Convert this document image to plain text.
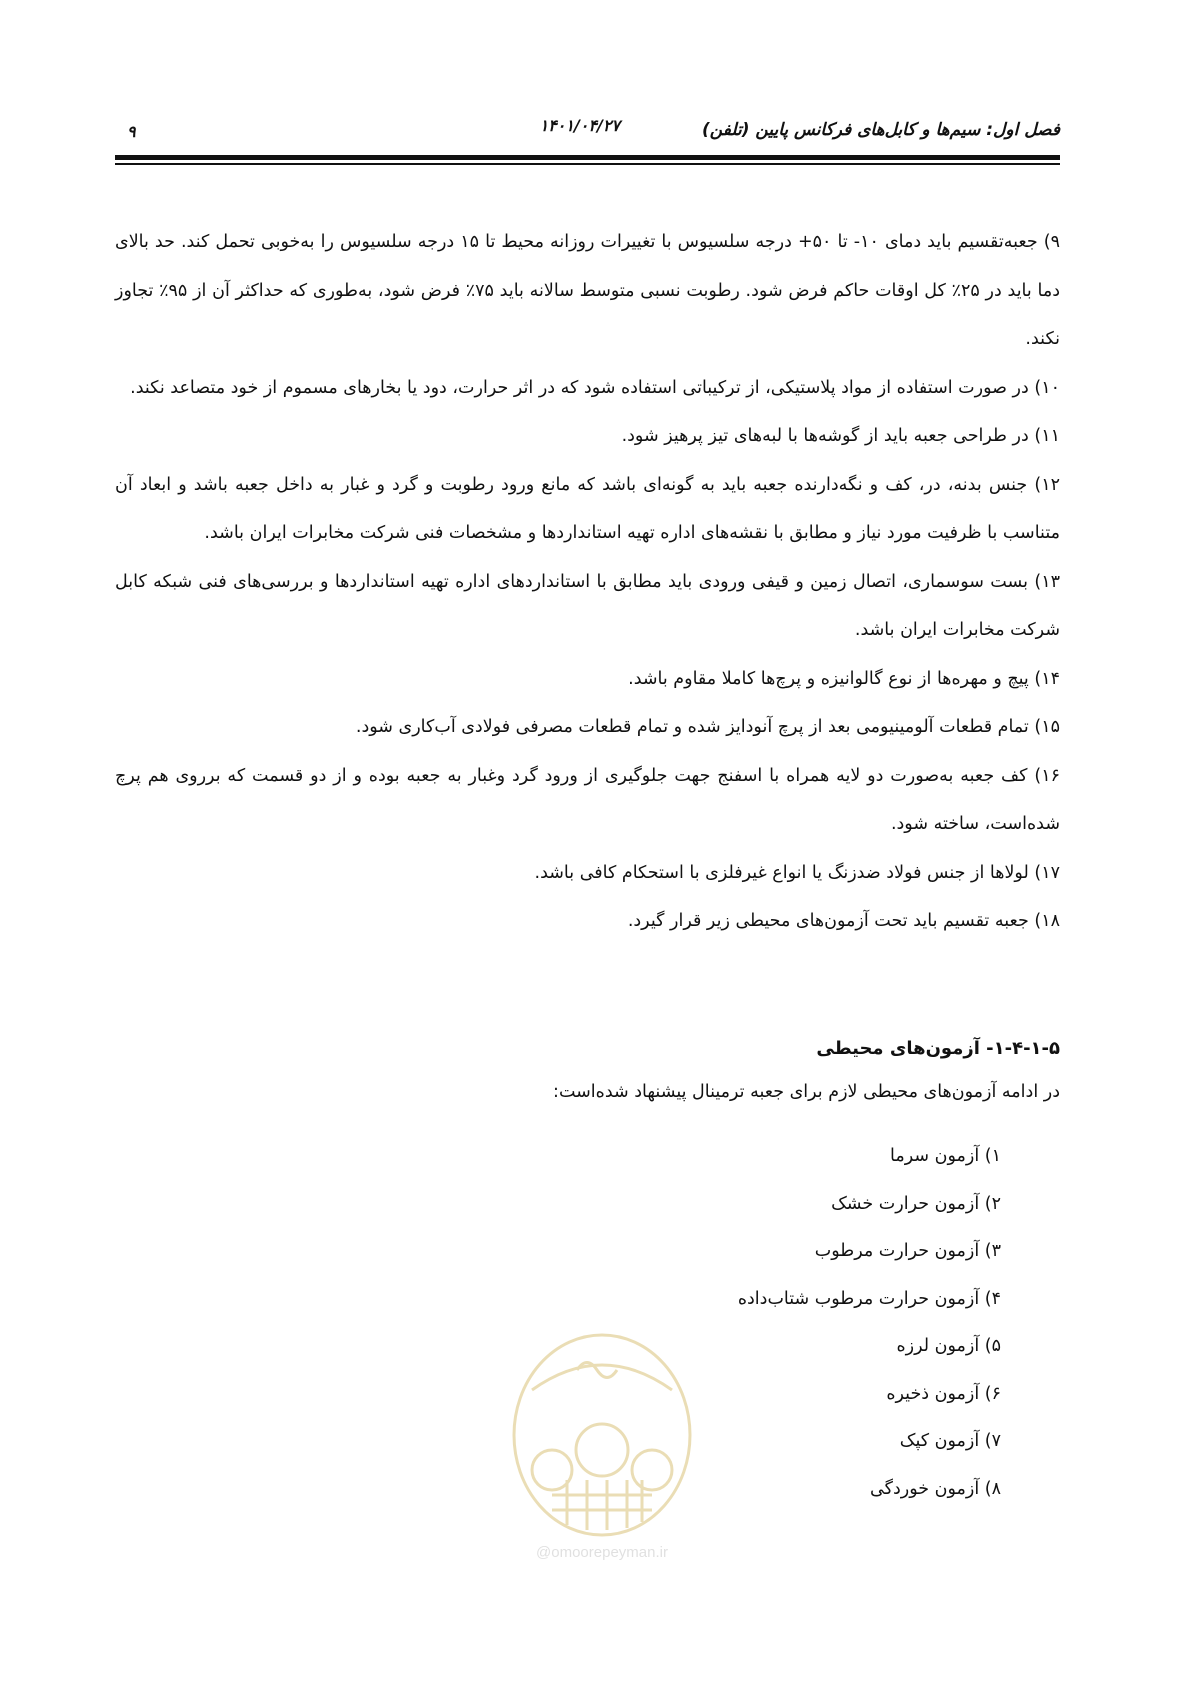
فصل اول: سیم‌ها و کابل‌های فرکانس پایین (تلفن)
۱۴۰۱/۰۴/۲۷
۹

۹) جعبه‌تقسیم باید دمای ۱۰- تا ۵۰+ درجه سلسیوس با تغییرات روزانه محیط تا ۱۵ درجه سلسیوس را به‌خوبی تحمل کند. حد بالای دما باید در ۲۵٪ کل اوقات حاکم فرض شود. رطوبت نسبی متوسط سالانه باید ۷۵٪ فرض شود، به‌طوری که حداکثر آن از ۹۵٪ تجاوز نکند.

۱۰) در صورت استفاده از مواد پلاستیکی، از ترکیباتی استفاده شود که در اثر حرارت، دود یا بخارهای مسموم از خود متصاعد نکند.

۱۱) در طراحی جعبه باید از گوشه‌ها با لبه‌های تیز پرهیز شود.

۱۲) جنس بدنه، در، کف و نگه‌دارنده جعبه باید به گونه‌ای باشد که مانع ورود رطوبت و گرد و غبار به داخل جعبه باشد و ابعاد آن متناسب با ظرفیت مورد نیاز و مطابق با نقشه‌های اداره تهیه استانداردها و مشخصات فنی شرکت مخابرات ایران باشد.

۱۳) بست سوسماری، اتصال زمین و قیفی ورودی باید مطابق با استانداردهای اداره تهیه استانداردها و بررسی‌های فنی شبکه کابل شرکت مخابرات ایران باشد.

۱۴) پیچ و مهره‌ها از نوع گالوانیزه و پرچ‌ها کاملا مقاوم باشد.

۱۵) تمام قطعات آلومینیومی بعد از پرچ آنودایز شده و تمام قطعات مصرفی فولادی آب‌کاری شود.

۱۶) کف جعبه به‌صورت دو لایه همراه با اسفنج جهت جلوگیری از ورود گرد وغبار به جعبه بوده و از دو قسمت که برروی هم پرچ شده‌است، ساخته شود.

۱۷) لولاها از جنس فولاد ضدزنگ یا انواع غیرفلزی با استحکام کافی باشد.

۱۸) جعبه تقسیم باید تحت آزمون‌های محیطی زیر قرار گیرد.

۱-۴-۱-۵- آزمون‌های محیطی
در ادامه آزمون‌های محیطی لازم برای جعبه ترمینال پیشنهاد شده‌است:
۱) آزمون سرما
۲) آزمون حرارت خشک
۳) آزمون حرارت مرطوب
۴) آزمون حرارت مرطوب شتاب‌داده
۵) آزمون لرزه
۶) آزمون ذخیره
۷) آزمون کپک
۸) آزمون خوردگی
@omoorepeyman.ir
